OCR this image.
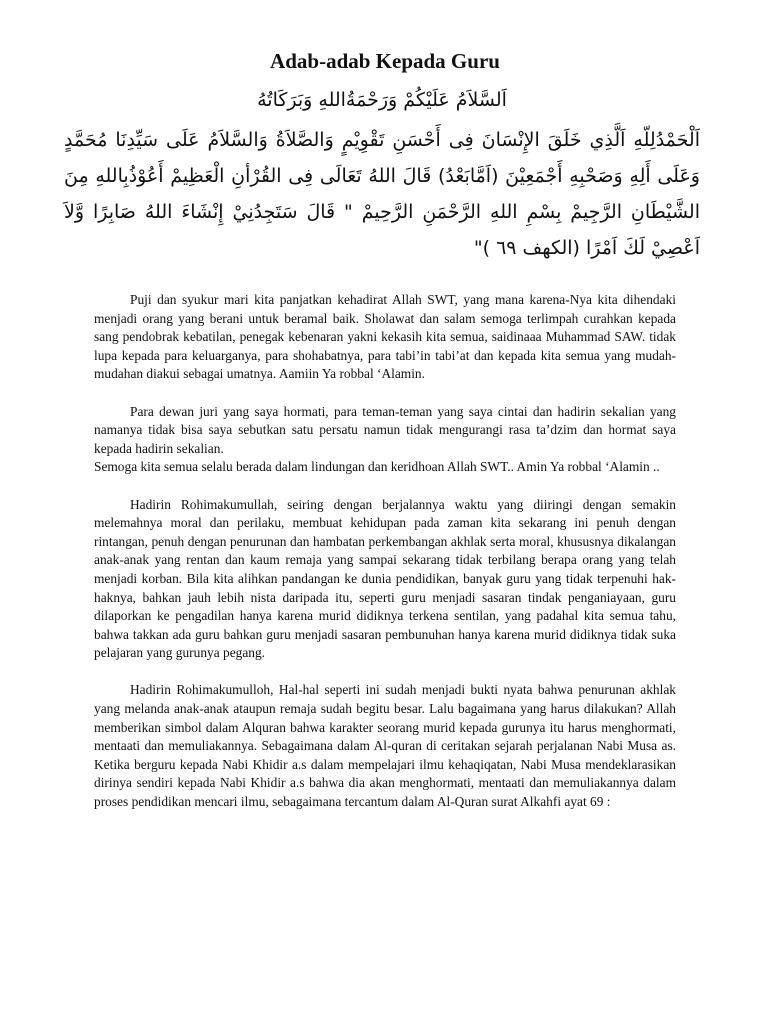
Adab-adab Kepada Guru
اَلسَّلاَمُ عَلَيْكُمْ وَرَحْمَةُاللهِ وَبَرَكَاتُهُ
اَلْحَمْدُلِلّهِ اَلَّذِي خَلَقَ الإِنْسَانَ فِى أَحْسَنِ تَقْوِيْمٍ وَالصَّلاَةُ وَالسَّلاَمُ عَلَى سَيِّدِنَا مُحَمَّدٍ وَعَلَى أَلِهِ وَصَحْبِهِ أَجْمَعِيْنَ (اَمَّابَعْدُ) قَالَ اللهُ تَعَالَى فِى القُرْأنِ الْعَظِيمْ أَعُوْذُبِاللهِ مِنَ الشَّيْطَانِ الرَّجِيمْ بِسْمِ اللهِ الرَّحْمَنِ الرَّحِيمْ " قَالَ سَتَجِدُنِيْ إِنْشَاءَ اللهُ صَابِرًا وَّلاَ اَعْصِيْ لَكَ اَمْرًا (الكهف ٦٩ )"

Puji dan syukur mari kita panjatkan kehadirat Allah SWT, yang mana karena-Nya kita dihendaki menjadi orang yang berani untuk beramal baik. Sholawat dan salam semoga terlimpah curahkan kepada sang pendobrak kebatilan, penegak kebenaran yakni kekasih kita semua, saidinaaa Muhammad SAW. tidak lupa kepada para keluarganya, para shohabatnya, para tabi’in tabi’at dan kepada kita semua yang mudah-mudahan diakui sebagai umatnya. Aamiin Ya robbal ‘Alamin.

Para dewan juri yang saya hormati, para teman-teman yang saya cintai dan hadirin sekalian yang namanya tidak bisa saya sebutkan satu persatu namun tidak mengurangi rasa ta’dzim dan hormat saya kepada hadirin sekalian.

Semoga kita semua selalu berada dalam lindungan dan keridhoan Allah SWT.. Amin Ya robbal ‘Alamin ..

Hadirin Rohimakumullah, seiring dengan berjalannya waktu yang diiringi dengan semakin melemahnya moral dan perilaku, membuat kehidupan pada zaman kita sekarang ini penuh dengan rintangan, penuh dengan penurunan dan hambatan perkembangan akhlak serta moral, khususnya dikalangan anak-anak yang rentan dan kaum remaja yang sampai sekarang tidak terbilang berapa orang yang telah menjadi korban. Bila kita alihkan pandangan ke dunia pendidikan, banyak guru yang tidak terpenuhi hak-haknya, bahkan jauh lebih nista daripada itu, seperti guru menjadi sasaran tindak penganiayaan, guru dilaporkan ke pengadilan hanya karena murid didiknya terkena sentilan, yang padahal kita semua tahu, bahwa takkan ada guru bahkan guru menjadi sasaran pembunuhan hanya karena murid didiknya tidak suka pelajaran yang gurunya pegang.

Hadirin Rohimakumulloh, Hal-hal seperti ini sudah menjadi bukti nyata bahwa penurunan akhlak yang melanda anak-anak ataupun remaja sudah begitu besar. Lalu bagaimana yang harus dilakukan? Allah memberikan simbol dalam Alquran bahwa karakter seorang murid kepada gurunya itu harus menghormati, mentaati dan memuliakannya. Sebagaimana dalam Al-quran di ceritakan sejarah perjalanan Nabi Musa as. Ketika berguru kepada Nabi Khidir a.s dalam mempelajari ilmu kehaqiqatan, Nabi Musa mendeklarasikan dirinya sendiri kepada Nabi Khidir a.s bahwa dia akan menghormati, mentaati dan memuliakannya dalam proses pendidikan mencari ilmu, sebagaimana tercantum dalam Al-Quran surat Alkahfi ayat 69 :
